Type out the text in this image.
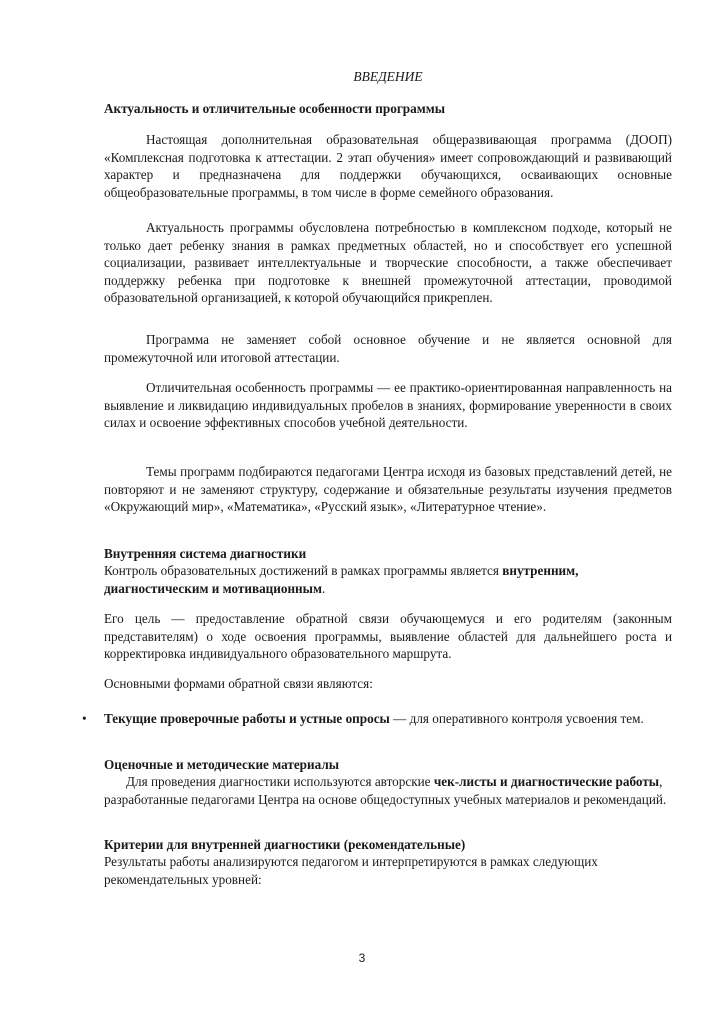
ВВЕДЕНИЕ
Актуальность и отличительные особенности программы
Настоящая дополнительная образовательная общеразвивающая программа (ДООП) «Комплексная подготовка к аттестации. 2 этап обучения» имеет сопровождающий и развивающий характер и предназначена для поддержки обучающихся, осваивающих основные общеобразовательные программы, в том числе в форме семейного образования.
Актуальность программы обусловлена потребностью в комплексном подходе, который не только дает ребенку знания в рамках предметных областей, но и способствует его успешной социализации, развивает интеллектуальные и творческие способности, а также обеспечивает поддержку ребенка при подготовке к внешней промежуточной аттестации, проводимой образовательной организацией, к которой обучающийся прикреплен.
Программа не заменяет собой основное обучение и не является основной для промежуточной или итоговой аттестации.
Отличительная особенность программы — ее практико-ориентированная направленность на выявление и ликвидацию индивидуальных пробелов в знаниях, формирование уверенности в своих силах и освоение эффективных способов учебной деятельности.
Темы программ подбираются педагогами Центра исходя из базовых представлений детей, не повторяют и не заменяют структуру, содержание и обязательные результаты изучения предметов «Окружающий мир», «Математика», «Русский язык», «Литературное чтение».
Внутренняя система диагностики
Контроль образовательных достижений в рамках программы является внутренним, диагностическим и мотивационным.
Его цель — предоставление обратной связи обучающемуся и его родителям (законным представителям) о ходе освоения программы, выявление областей для дальнейшего роста и корректировка индивидуального образовательного маршрута.
Основными формами обратной связи являются:
• Текущие проверочные работы и устные опросы — для оперативного контроля усвоения тем.
Оценочные и методические материалы
Для проведения диагностики используются авторские чек-листы и диагностические работы, разработанные педагогами Центра на основе общедоступных учебных материалов и рекомендаций.
Критерии для внутренней диагностики (рекомендательные)
Результаты работы анализируются педагогом и интерпретируются в рамках следующих рекомендательных уровней:
3
